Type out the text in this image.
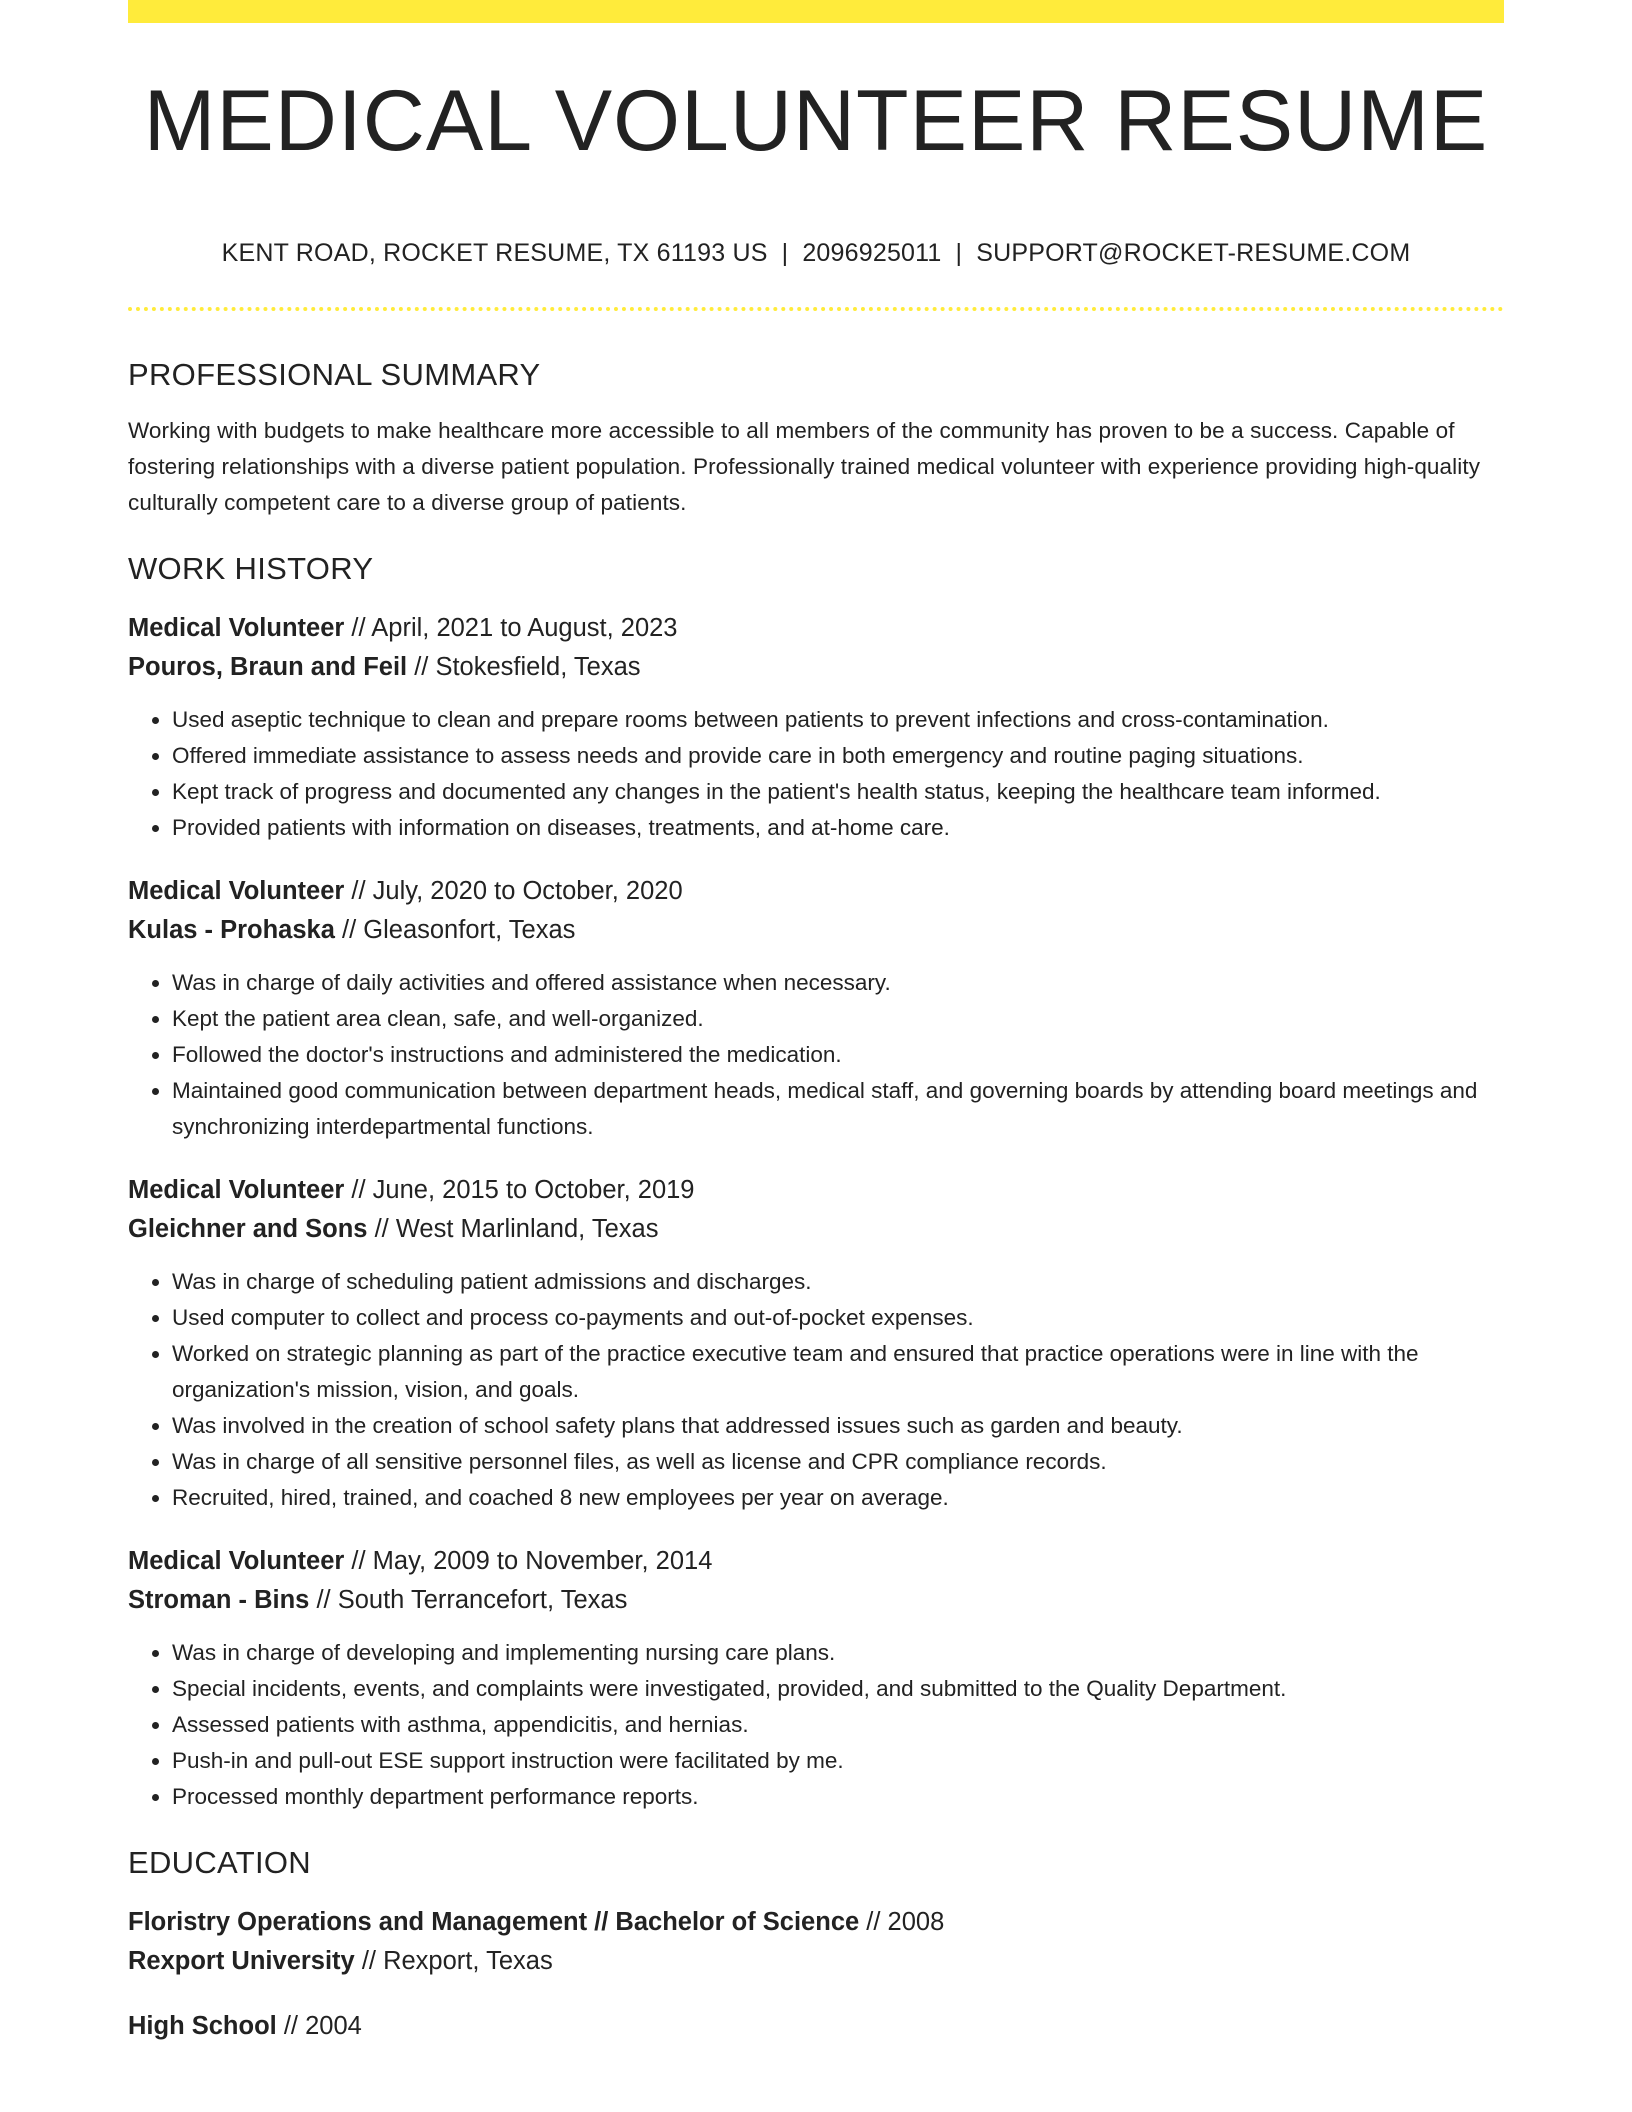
MEDICAL VOLUNTEER RESUME
KENT ROAD, ROCKET RESUME, TX 61193 US | 2096925011 | SUPPORT@ROCKET-RESUME.COM
PROFESSIONAL SUMMARY

Working with budgets to make healthcare more accessible to all members of the community has proven to be a success. Capable of fostering relationships with a diverse patient population. Professionally trained medical volunteer with experience providing high-quality culturally competent care to a diverse group of patients.

WORK HISTORY
Medical Volunteer // April, 2021 to August, 2023
Pouros, Braun and Feil // Stokesfield, Texas
• Used aseptic technique to clean and prepare rooms between patients to prevent infections and cross-contamination.
• Offered immediate assistance to assess needs and provide care in both emergency and routine paging situations.
• Kept track of progress and documented any changes in the patient's health status, keeping the healthcare team informed.
• Provided patients with information on diseases, treatments, and at-home care.
Medical Volunteer // July, 2020 to October, 2020
Kulas - Prohaska // Gleasonfort, Texas
• Was in charge of daily activities and offered assistance when necessary.
• Kept the patient area clean, safe, and well-organized.
• Followed the doctor's instructions and administered the medication.
• Maintained good communication between department heads, medical staff, and governing boards by attending board meetings and synchronizing interdepartmental functions.
Medical Volunteer // June, 2015 to October, 2019
Gleichner and Sons // West Marlinland, Texas
• Was in charge of scheduling patient admissions and discharges.
• Used computer to collect and process co-payments and out-of-pocket expenses.
• Worked on strategic planning as part of the practice executive team and ensured that practice operations were in line with the organization's mission, vision, and goals.
• Was involved in the creation of school safety plans that addressed issues such as garden and beauty.
• Was in charge of all sensitive personnel files, as well as license and CPR compliance records.
• Recruited, hired, trained, and coached 8 new employees per year on average.
Medical Volunteer // May, 2009 to November, 2014
Stroman - Bins // South Terrancefort, Texas
• Was in charge of developing and implementing nursing care plans.
• Special incidents, events, and complaints were investigated, provided, and submitted to the Quality Department.
• Assessed patients with asthma, appendicitis, and hernias.
• Push-in and pull-out ESE support instruction were facilitated by me.
• Processed monthly department performance reports.
EDUCATION
Floristry Operations and Management // Bachelor of Science // 2008
Rexport University // Rexport, Texas
High School // 2004
